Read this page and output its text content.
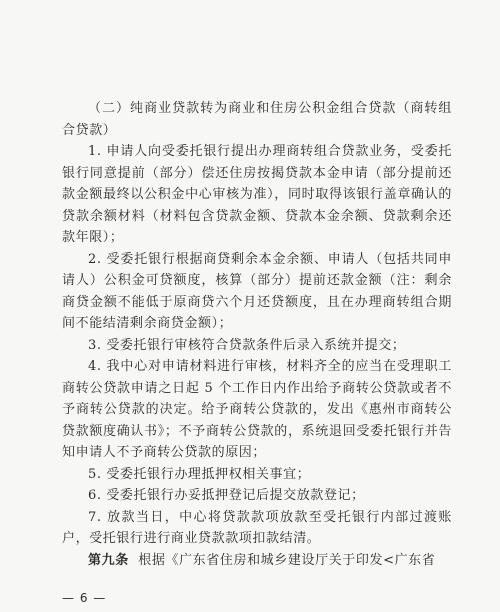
（二）纯商业贷款转为商业和住房公积金组合贷款（商转组合贷款）

1. 申请人向受委托银行提出办理商转组合贷款业务，受委托银行同意提前（部分）偿还住房按揭贷款本金申请（部分提前还款金额最终以公积金中心审核为准），同时取得该银行盖章确认的贷款余额材料（材料包含贷款金额、贷款本金余额、贷款剩余还款年限）；

2. 受委托银行根据商贷剩余本金余额、申请人（包括共同申请人）公积金可贷额度，核算（部分）提前还款金额（注：剩余商贷金额不能低于原商贷六个月还贷额度，且在办理商转组合期间不能结清剩余商贷金额）；

3. 受委托银行审核符合贷款条件后录入系统并提交；

4. 我中心对申请材料进行审核，材料齐全的应当在受理职工商转公贷款申请之日起 5 个工作日内作出给予商转公贷款或者不予商转公贷款的决定。给予商转公贷款的，发出《惠州市商转公贷款额度确认书》；不予商转公贷款的，系统退回受委托银行并告知申请人不予商转公贷款的原因；

5. 受委托银行办理抵押权相关事宜；

6. 受委托银行办妥抵押登记后提交放款登记；

7. 放款当日，中心将贷款款项放款至受托银行内部过渡账户，受托银行进行商业贷款款项扣款结清。

第九条 根据《广东省住房和城乡建设厅关于印发<广东省

— 6 —
